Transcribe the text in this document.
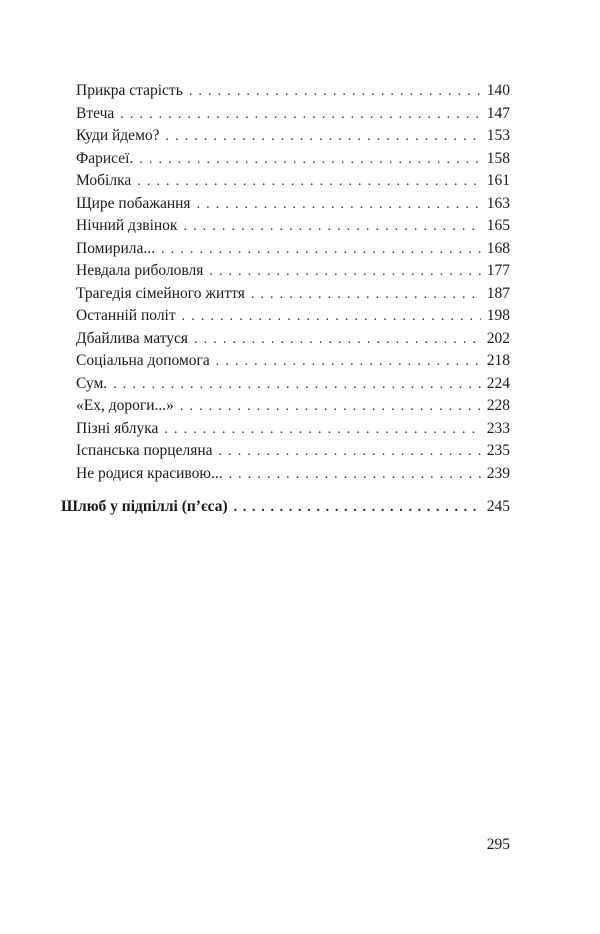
Прикра старість . . .	140
Втеча . . .	147
Куди йдемо? . . .	153
Фарисеї. . . .	158
Мобілка . . .	161
Щире побажання . . .	163
Нічний дзвінок . . .	165
Помирила... . . .	168
Невдала риболовля . . .	177
Трагедія сімейного життя . . .	187
Останній політ . . .	198
Дбайлива матуся . . .	202
Соціальна допомога . . .	218
Сум. . . .	224
«Ех, дороги...» . . .	228
Пізні яблука . . .	233
Іспанська порцеляна . . .	235
Не родися красивою... . . .	239
Шлюб у підпіллі (п’єса) . . .	245
295
